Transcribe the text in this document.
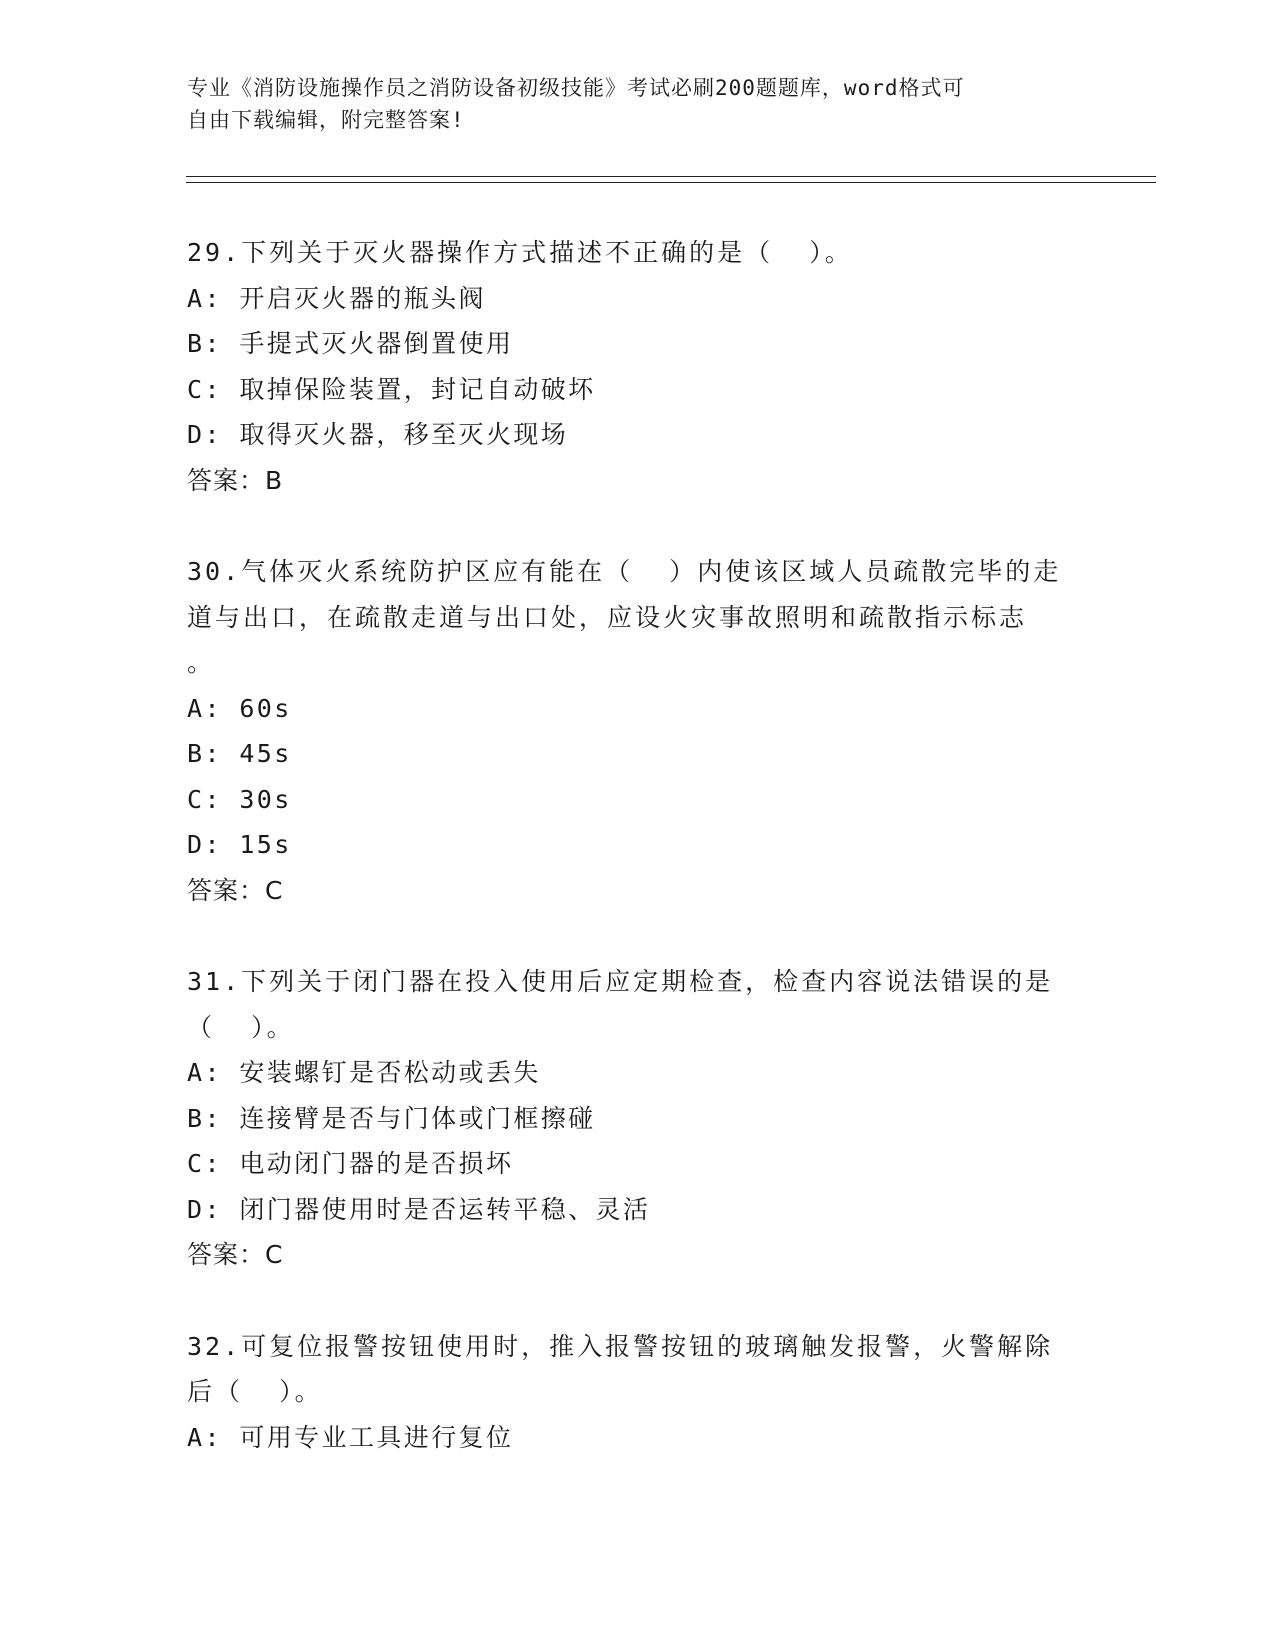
专业《消防设施操作员之消防设备初级技能》考试必刷200题题库，word格式可
自由下载编辑，附完整答案!
29.下列关于灭火器操作方式描述不正确的是（  ）。
A: 开启灭火器的瓶头阀
B: 手提式灭火器倒置使用
C: 取掉保险装置，封记自动破坏
D: 取得灭火器，移至灭火现场
答案：B
30.气体灭火系统防护区应有能在（  ）内使该区域人员疏散完毕的走
道与出口，在疏散走道与出口处，应设火灾事故照明和疏散指示标志
。
A: 60s
B: 45s
C: 30s
D: 15s
答案：C
31.下列关于闭门器在投入使用后应定期检查，检查内容说法错误的是
（  ）。
A: 安装螺钉是否松动或丢失
B: 连接臂是否与门体或门框擦碰
C: 电动闭门器的是否损坏
D: 闭门器使用时是否运转平稳、灵活
答案：C
32.可复位报警按钮使用时，推入报警按钮的玻璃触发报警，火警解除
后（  ）。
A: 可用专业工具进行复位
